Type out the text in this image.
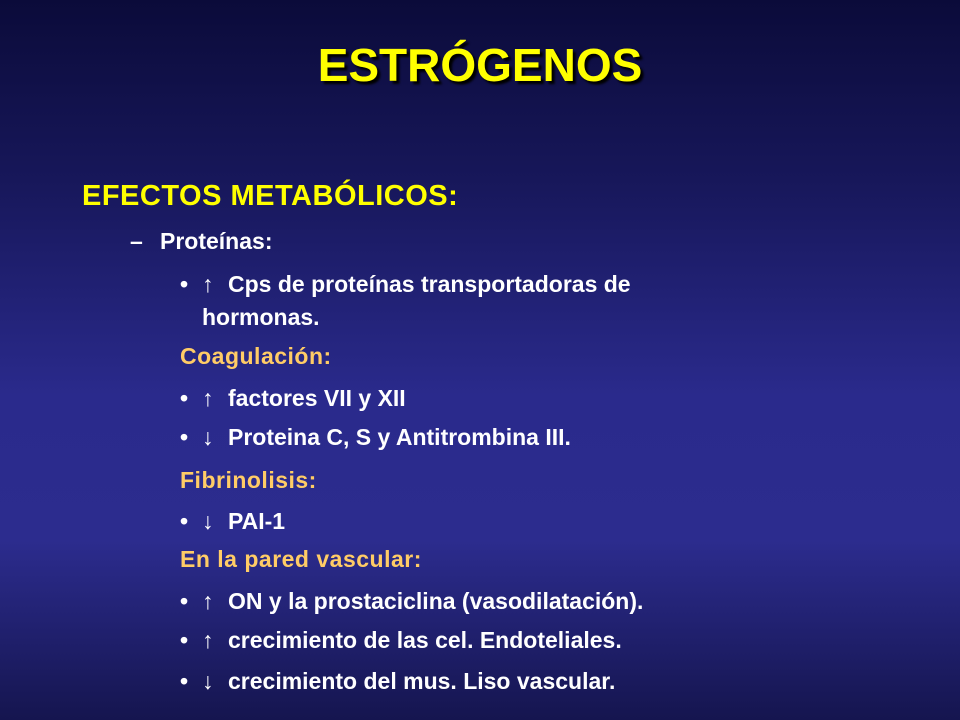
ESTRÓGENOS
EFECTOS METABÓLICOS:
– Proteínas:
• ↑ Cps de proteínas transportadoras de
hormonas.
Coagulación:
• ↑ factores VII y XII
• ↓ Proteina C, S y Antitrombina III.
Fibrinolisis:
• ↓ PAI-1
En la pared vascular:
• ↑ ON y la prostaciclina (vasodilatación).
• ↑ crecimiento de las cel. Endoteliales.
• ↓ crecimiento del mus. Liso vascular.
